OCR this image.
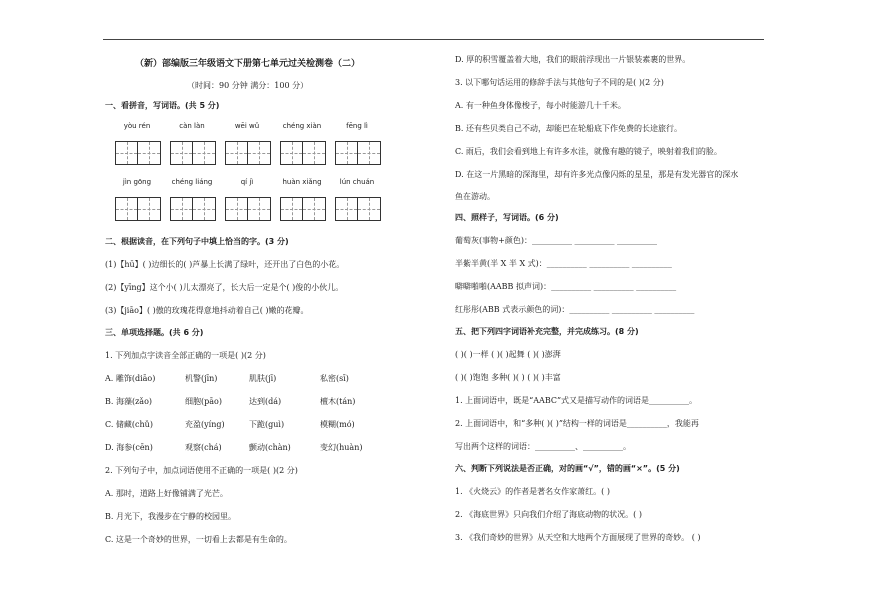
（新）部编版三年级语文下册第七单元过关检测卷（二）
（时间：90 分钟 满分：100 分）
一、看拼音，写词语。(共 5 分)
yòu rén	càn làn	wēi wǔ	chéng xiàn	fēng lì
jìn gōng	chéng liáng	qí jì	huàn xiǎng	lún chuán
二、根据读音，在下列句子中填上恰当的字。(3 分)
(1)【hū】( )边细长的( )芦暴上长满了绿叶，还开出了白色的小花。
(2)【yīng】这个小( )儿太漂亮了，长大后一定是个( )俊的小伙儿。
(3)【jiāo】( )傲的玫瑰花得意地抖动着自己( )嫩的花瓣。
三、单项选择题。(共 6 分)
1. 下列加点字读音全部正确的一项是( )(2 分)
A. 雕饰(diāo)	机警(jīn)	肌肤(jī)	私密(sī)
B. 海藻(zǎo)	细胞(pāo)	达到(dá)	檀木(tán)
C. 储藏(chǔ)	充盈(yíng)	下跪(guì)	模糊(mó)
D. 海参(cēn)	观察(chá)	颤动(chàn)	变幻(huàn)
2. 下列句子中，加点词语使用不正确的一项是( )(2 分)
A. 那时，道路上好像铺满了光芒。
B. 月光下，我漫步在宁静的校园里。
C. 这是一个奇妙的世界，一切看上去都是有生命的。
D. 厚的积雪覆盖着大地，我们的眼前浮现出一片银装素裹的世界。
3. 以下哪句话运用的修辞手法与其他句子不同的是( )(2 分)
A. 有一种鱼身体像梭子，每小时能游几十千米。
B. 还有些贝类自己不动，却能巴在轮船底下作免费的长途旅行。
C. 雨后，我们会看到地上有许多水洼，就像有趣的镜子，映射着我们的脸。
D. 在这一片黑暗的深海里，却有许多光点像闪烁的星星，那是有发光器官的深水
鱼在游动。
四、照样子，写词语。(6 分)
葡萄灰(事物+颜色)：__________ __________ __________
半紫半黄(半 X 半 X 式)：__________ __________ __________
噼噼啪啪(AABB 拟声词)：__________ __________ __________
红彤彤(ABB 式表示颜色的词)：__________ __________ __________
五、把下列四字词语补充完整，并完成练习。(8 分)
( )( )一样 ( )( )起舞 ( )( )澎湃
( )( )饱饱 多种( )( ) ( )( )丰富
1. 上面词语中，既是“AABC”式又是描写动作的词语是__________。
2. 上面词语中，和“多种( )( )”结构一样的词语是__________，我能再
写出两个这样的词语：__________、__________。
六、判断下列说法是否正确，对的画“√”，错的画“×”。(5 分)
1. 《火烧云》的作者是著名女作家萧红。( )
2. 《海底世界》只向我们介绍了海底动物的状况。( )
3. 《我们奇妙的世界》从天空和大地两个方面展现了世界的奇妙。 ( )
